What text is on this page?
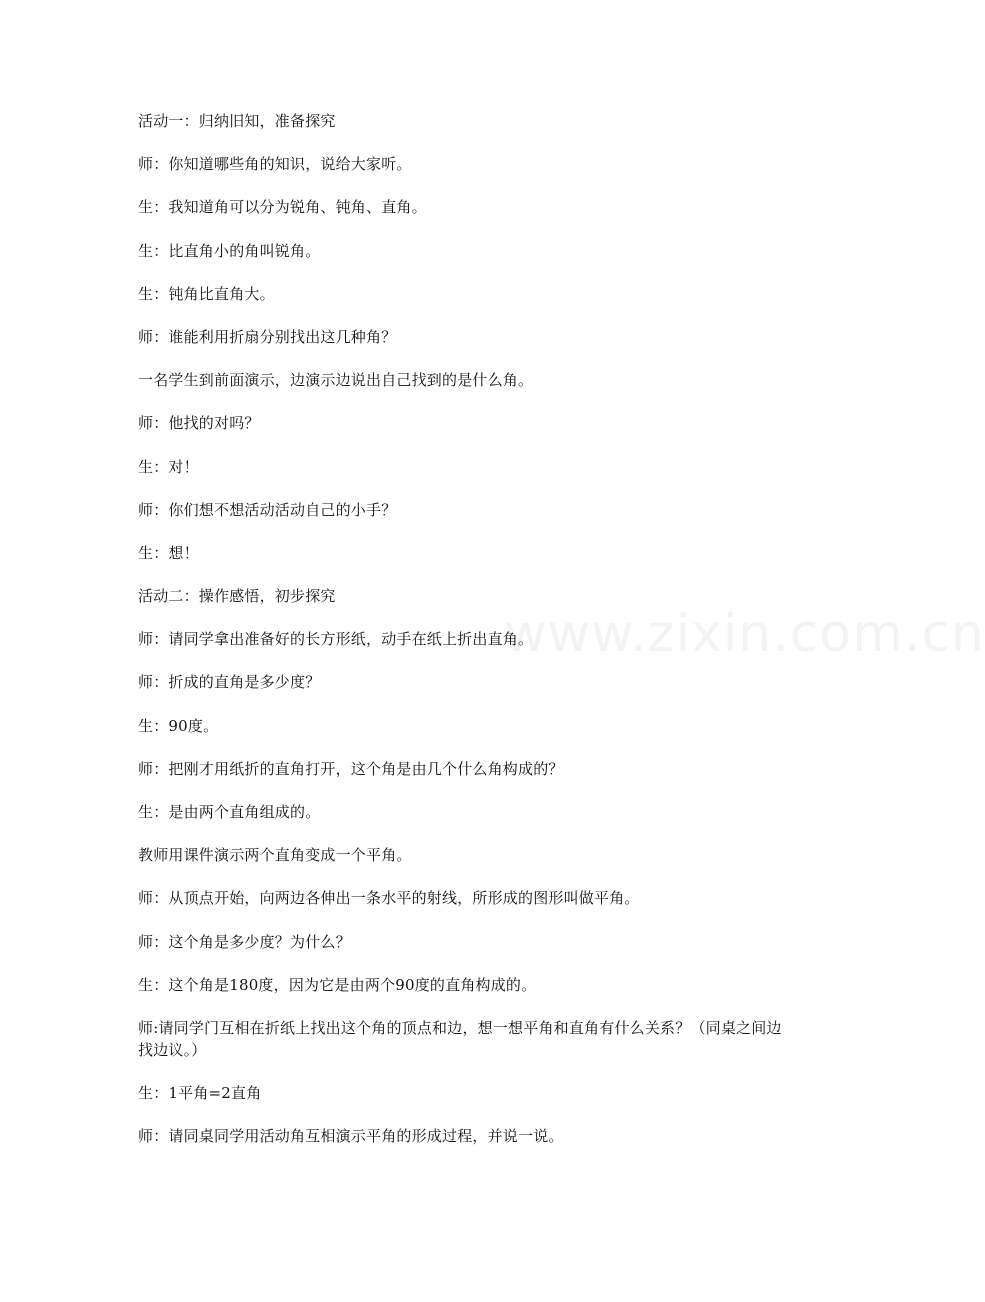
www.zixin.com.cn

活动一：归纳旧知，准备探究

师：你知道哪些角的知识，说给大家听。

生：我知道角可以分为锐角、钝角、直角。

生：比直角小的角叫锐角。

生：钝角比直角大。

师：谁能利用折扇分别找出这几种角？

一名学生到前面演示，边演示边说出自己找到的是什么角。

师：他找的对吗？

生：对！

师：你们想不想活动活动自己的小手？

生：想！

活动二：操作感悟，初步探究

师：请同学拿出准备好的长方形纸，动手在纸上折出直角。

师：折成的直角是多少度？

生：90度。

师：把刚才用纸折的直角打开，这个角是由几个什么角构成的？

生：是由两个直角组成的。

教师用课件演示两个直角变成一个平角。

师：从顶点开始，向两边各伸出一条水平的射线，所形成的图形叫做平角。

师：这个角是多少度？为什么？

生：这个角是180度，因为它是由两个90度的直角构成的。

师:请同学门互相在折纸上找出这个角的顶点和边，想一想平角和直角有什么关系？（同桌之间边找边议。）

生：1平角=2直角

师：请同桌同学用活动角互相演示平角的形成过程，并说一说。
